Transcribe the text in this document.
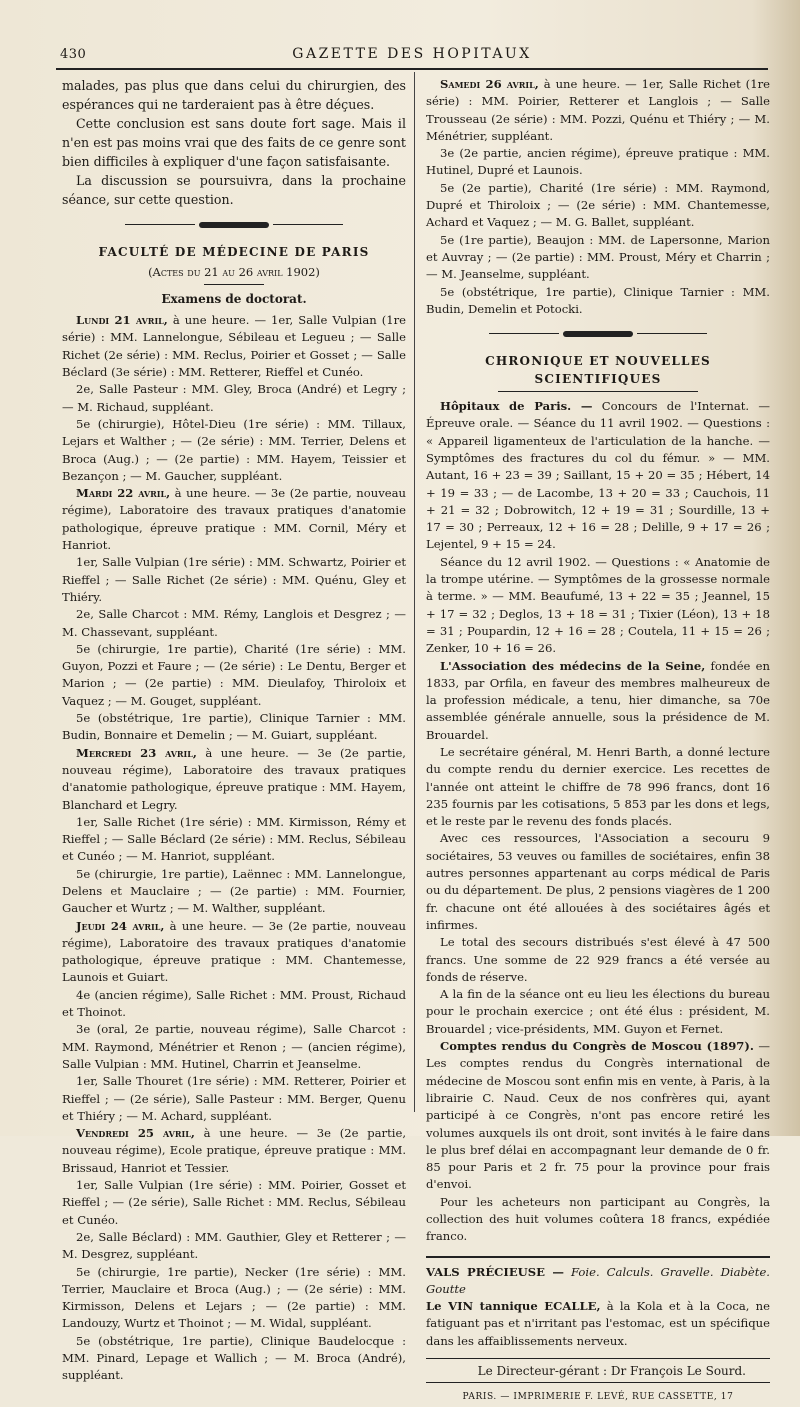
430	GAZETTE DES HOPITAUX

malades, pas plus que dans celui du chirurgien, des espérances qui ne tarderaient pas à être déçues.

Cette conclusion est sans doute fort sage. Mais il n'en est pas moins vrai que des faits de ce genre sont bien difficiles à expliquer d'une façon satisfaisante.

La discussion se poursuivra, dans la prochaine séance, sur cette question.

FACULTÉ DE MÉDECINE DE PARIS
(Actes du 21 au 26 avril 1902)
Examens de doctorat.

Lundi 21 avril, à une heure. — 1er, Salle Vulpian (1re série) : MM. Lannelongue, Sébileau et Legueu ; — Salle Richet (2e série) : MM. Reclus, Poirier et Gosset ; — Salle Béclard (3e série) : MM. Retterer, Rieffel et Cunéo.

2e, Salle Pasteur : MM. Gley, Broca (André) et Legry ; — M. Richaud, suppléant.

5e (chirurgie), Hôtel-Dieu (1re série) : MM. Tillaux, Lejars et Walther ; — (2e série) : MM. Terrier, Delens et Broca (Aug.) ; — (2e partie) : MM. Hayem, Teissier et Bezançon ; — M. Gaucher, suppléant.

Mardi 22 avril, à une heure. — 3e (2e partie, nouveau régime), Laboratoire des travaux pratiques d'anatomie pathologique, épreuve pratique : MM. Cornil, Méry et Hanriot.

1er, Salle Vulpian (1re série) : MM. Schwartz, Poirier et Rieffel ; — Salle Richet (2e série) : MM. Quénu, Gley et Thiéry.

2e, Salle Charcot : MM. Rémy, Langlois et Desgrez ; — M. Chassevant, suppléant.

5e (chirurgie, 1re partie), Charité (1re série) : MM. Guyon, Pozzi et Faure ; — (2e série) : Le Dentu, Berger et Marion ; — (2e partie) : MM. Dieulafoy, Thiroloix et Vaquez ; — M. Gouget, suppléant.

5e (obstétrique, 1re partie), Clinique Tarnier : MM. Budin, Bonnaire et Demelin ; — M. Guiart, suppléant.

Mercredi 23 avril, à une heure. — 3e (2e partie, nouveau régime), Laboratoire des travaux pratiques d'anatomie pathologique, épreuve pratique : MM. Hayem, Blanchard et Legry.

1er, Salle Richet (1re série) : MM. Kirmisson, Rémy et Rieffel ; — Salle Béclard (2e série) : MM. Reclus, Sébileau et Cunéo ; — M. Hanriot, suppléant.

5e (chirurgie, 1re partie), Laënnec : MM. Lannelongue, Delens et Mauclaire ; — (2e partie) : MM. Fournier, Gaucher et Wurtz ; — M. Walther, suppléant.

Jeudi 24 avril, à une heure. — 3e (2e partie, nouveau régime), Laboratoire des travaux pratiques d'anatomie pathologique, épreuve pratique : MM. Chantemesse, Launois et Guiart.

4e (ancien régime), Salle Richet : MM. Proust, Richaud et Thoinot.

3e (oral, 2e partie, nouveau régime), Salle Charcot : MM. Raymond, Ménétrier et Renon ; — (ancien régime), Salle Vulpian : MM. Hutinel, Charrin et Jeanselme.

1er, Salle Thouret (1re série) : MM. Retterer, Poirier et Rieffel ; — (2e série), Salle Pasteur : MM. Berger, Quenu et Thiéry ; — M. Achard, suppléant.

Vendredi 25 avril, à une heure. — 3e (2e partie, nouveau régime), Ecole pratique, épreuve pratique : MM. Brissaud, Hanriot et Tessier.

1er, Salle Vulpian (1re série) : MM. Poirier, Gosset et Rieffel ; — (2e série), Salle Richet : MM. Reclus, Sébileau et Cunéo.

2e, Salle Béclard) : MM. Gauthier, Gley et Retterer ; — M. Desgrez, suppléant.

5e (chirurgie, 1re partie), Necker (1re série) : MM. Terrier, Mauclaire et Broca (Aug.) ; — (2e série) : MM. Kirmisson, Delens et Lejars ; — (2e partie) : MM. Landouzy, Wurtz et Thoinot ; — M. Widal, suppléant.

5e (obstétrique, 1re partie), Clinique Baudelocque : MM. Pinard, Lepage et Wallich ; — M. Broca (André), suppléant.

Samedi 26 avril, à une heure. — 1er, Salle Richet (1re série) : MM. Poirier, Retterer et Langlois ; — Salle Trousseau (2e série) : MM. Pozzi, Quénu et Thiéry ; — M. Ménétrier, suppléant.

3e (2e partie, ancien régime), épreuve pratique : MM. Hutinel, Dupré et Launois.

5e (2e partie), Charité (1re série) : MM. Raymond, Dupré et Thiroloix ; — (2e série) : MM. Chantemesse, Achard et Vaquez ; — M. G. Ballet, suppléant.

5e (1re partie), Beaujon : MM. de Lapersonne, Marion et Auvray ; — (2e partie) : MM. Proust, Méry et Charrin ; — M. Jeanselme, suppléant.

5e (obstétrique, 1re partie), Clinique Tarnier : MM. Budin, Demelin et Potocki.

CHRONIQUE ET NOUVELLES SCIENTIFIQUES

Hôpitaux de Paris. — Concours de l'Internat. — Épreuve orale. — Séance du 11 avril 1902. — Questions : « Appareil ligamenteux de l'articulation de la hanche. — Symptômes des fractures du col du fémur. » — MM. Autant, 16 + 23 = 39 ; Saillant, 15 + 20 = 35 ; Hébert, 14 + 19 = 33 ; — de Lacombe, 13 + 20 = 33 ; Cauchois, 11 + 21 = 32 ; Dobrowitch, 12 + 19 = 31 ; Sourdille, 13 + 17 = 30 ; Perreaux, 12 + 16 = 28 ; Delille, 9 + 17 = 26 ; Lejentel, 9 + 15 = 24.

Séance du 12 avril 1902. — Questions : « Anatomie de la trompe utérine. — Symptômes de la grossesse normale à terme. » — MM. Beaufumé, 13 + 22 = 35 ; Jeannel, 15 + 17 = 32 ; Deglos, 13 + 18 = 31 ; Tixier (Léon), 13 + 18 = 31 ; Poupardin, 12 + 16 = 28 ; Coutela, 11 + 15 = 26 ; Zenker, 10 + 16 = 26.

L'Association des médecins de la Seine, fondée en 1833, par Orfila, en faveur des membres malheureux de la profession médicale, a tenu, hier dimanche, sa 70e assemblée générale annuelle, sous la présidence de M. Brouardel.

Le secrétaire général, M. Henri Barth, a donné lecture du compte rendu du dernier exercice. Les recettes de l'année ont atteint le chiffre de 78 996 francs, dont 16 235 fournis par les cotisations, 5 853 par les dons et legs, et le reste par le revenu des fonds placés.

Avec ces ressources, l'Association a secouru 9 sociétaires, 53 veuves ou familles de sociétaires, enfin 38 autres personnes appartenant au corps médical de Paris ou du département. De plus, 2 pensions viagères de 1 200 fr. chacune ont été allouées à des sociétaires âgés et infirmes.

Le total des secours distribués s'est élevé à 47 500 francs. Une somme de 22 929 francs a été versée au fonds de réserve.

A la fin de la séance ont eu lieu les élections du bureau pour le prochain exercice ; ont été élus : président, M. Brouardel ; vice-présidents, MM. Guyon et Fernet.

Comptes rendus du Congrès de Moscou (1897). — Les comptes rendus du Congrès international de médecine de Moscou sont enfin mis en vente, à Paris, à la librairie C. Naud. Ceux de nos confrères qui, ayant participé à ce Congrès, n'ont pas encore retiré les volumes auxquels ils ont droit, sont invités à le faire dans le plus bref délai en accompagnant leur demande de 0 fr. 85 pour Paris et 2 fr. 75 pour la province pour frais d'envoi.

Pour les acheteurs non participant au Congrès, la collection des huit volumes coûtera 18 francs, expédiée franco.

VALS PRÉCIEUSE — Foie. Calculs. Gravelle. Diabète. Goutte

Le VIN tannique ECALLE, à la Kola et à la Coca, ne fatiguant pas et n'irritant pas l'estomac, est un spécifique dans les affaiblissements nerveux.

Le Directeur-gérant : Dr François Le Sourd.
PARIS. — IMPRIMERIE F. LEVÉ, RUE CASSETTE, 17
